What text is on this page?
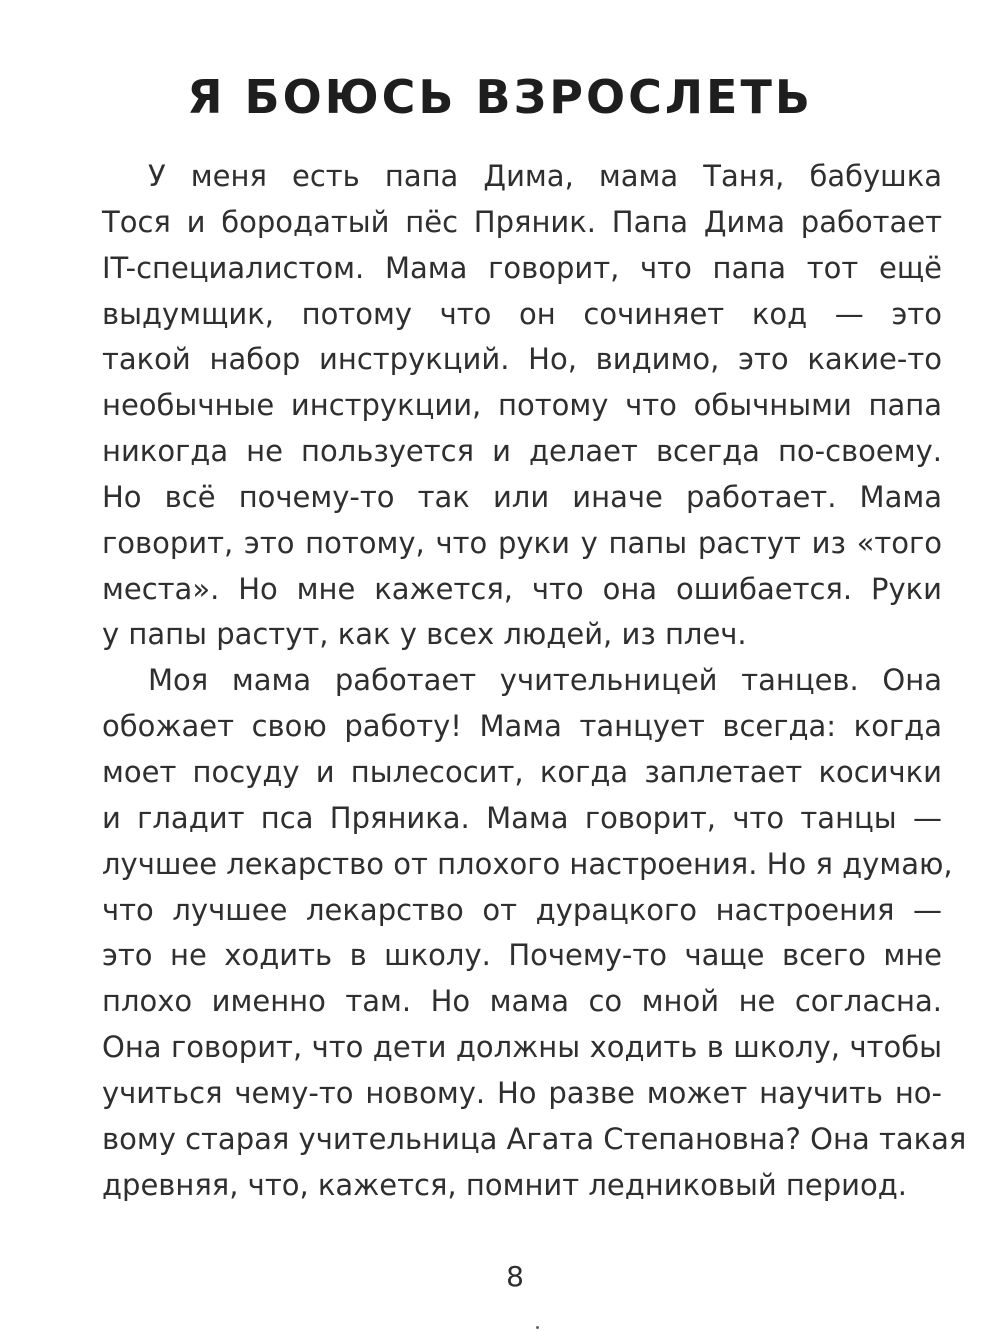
Я БОЮСЬ ВЗРОСЛЕТЬ
У меня есть папа Дима, мама Таня, бабушка
Тося и бородатый пёс Пряник. Папа Дима работает
IT-специалистом. Мама говорит, что папа тот ещё
выдумщик, потому что он сочиняет код — это
такой набор инструкций. Но, видимо, это какие-то
необычные инструкции, потому что обычными папа
никогда не пользуется и делает всегда по-своему.
Но всё почему-то так или иначе работает. Мама
говорит, это потому, что руки у папы растут из «того
места». Но мне кажется, что она ошибается. Руки
у папы растут, как у всех людей, из плеч.
Моя мама работает учительницей танцев. Она
обожает свою работу! Мама танцует всегда: когда
моет посуду и пылесосит, когда заплетает косички
и гладит пса Пряника. Мама говорит, что танцы —
лучшее лекарство от плохого настроения. Но я думаю,
что лучшее лекарство от дурацкого настроения —
это не ходить в школу. Почему-то чаще всего мне
плохо именно там. Но мама со мной не согласна.
Она говорит, что дети должны ходить в школу, чтобы
учиться чему-то новому. Но разве может научить но-
вому старая учительница Агата Степановна? Она такая
древняя, что, кажется, помнит ледниковый период.
8
